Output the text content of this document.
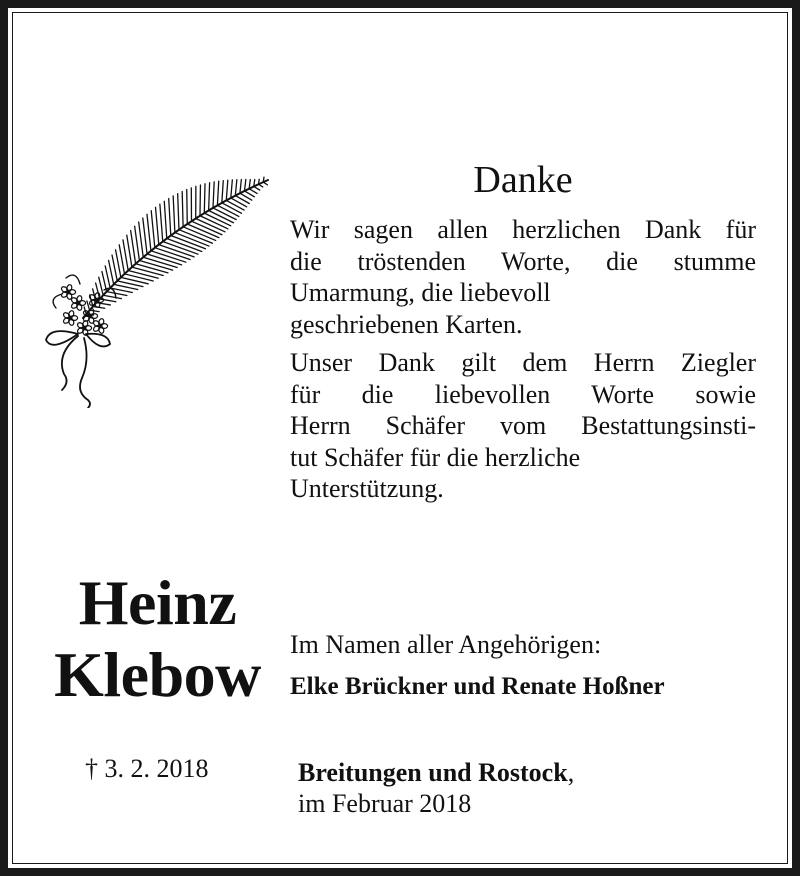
Danke
Wir sagen allen herzlichen Dank für
die tröstenden Worte, die stumme
Umarmung, die liebevoll
geschriebenen Karten.
Unser Dank gilt dem Herrn Ziegler
für die liebevollen Worte sowie
Herrn Schäfer vom Bestattungsinsti-
tut Schäfer für die herzliche
Unterstützung.
Heinz
Klebow	Im Namen aller Angehörigen:
Elke Brückner und Renate Hoßner
† 3. 2. 2018	Breitungen und Rostock,
im Februar 2018
